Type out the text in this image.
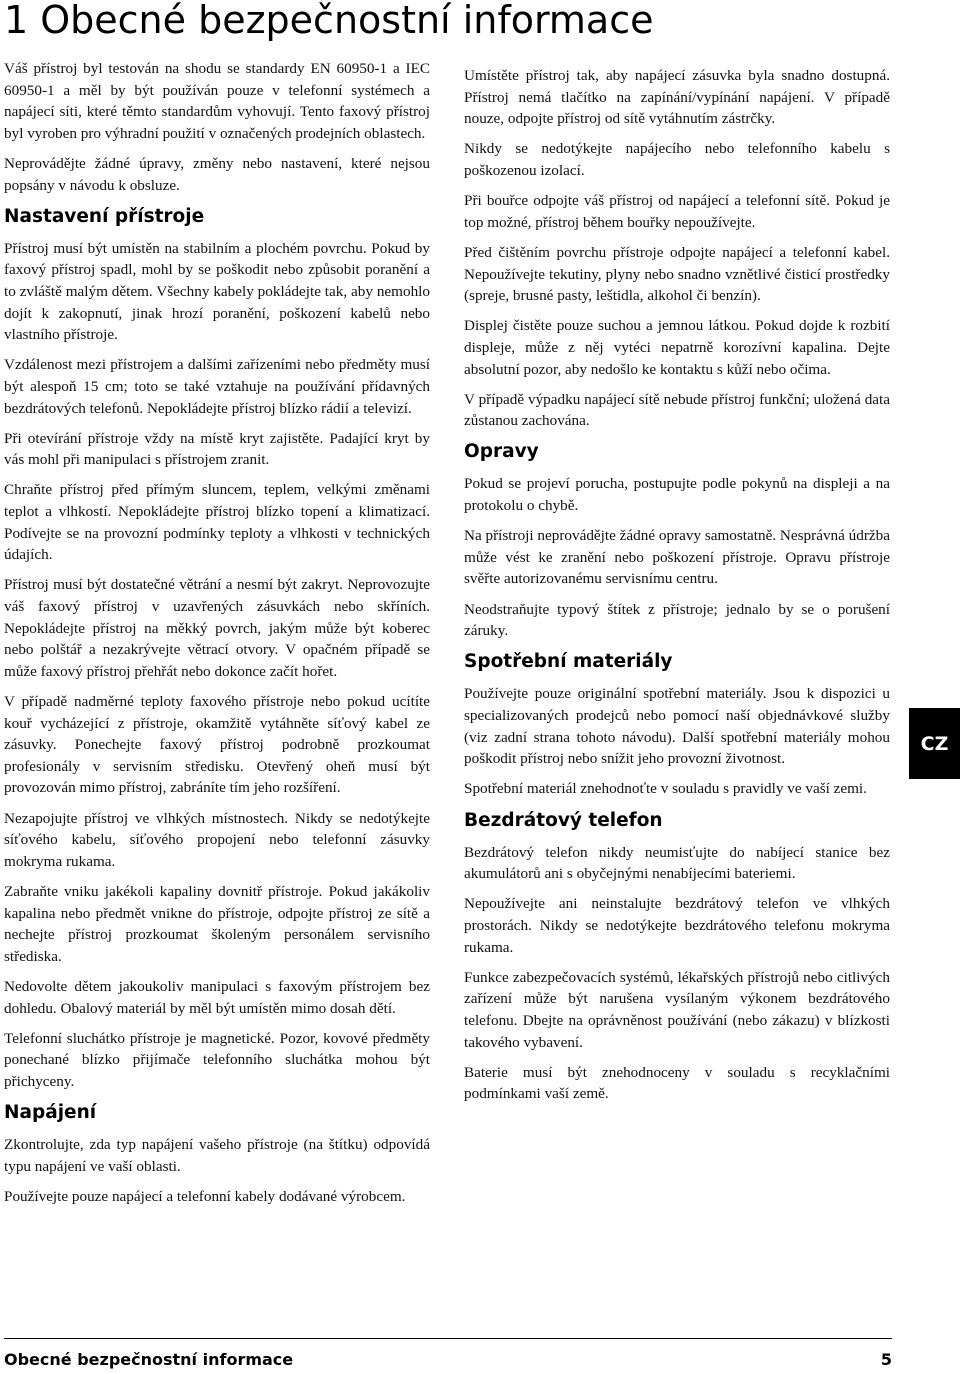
1 Obecné bezpečnostní informace

Váš přístroj byl testován na shodu se standardy EN 60950-1 a IEC 60950-1 a měl by být používán pouze v telefonní systémech a napájecí síti, které těmto standardům vyhovují. Tento faxový přístroj byl vyroben pro výhradní použití v označených prodejních oblastech.

Neprovádějte žádné úpravy, změny nebo nastavení, které nejsou popsány v návodu k obsluze.

Nastavení přístroje

Přístroj musí být umístěn na stabilním a plochém povrchu. Pokud by faxový přístroj spadl, mohl by se poškodit nebo způsobit poranění a to zvláště malým dětem. Všechny kabely pokládejte tak, aby nemohlo dojít k zakopnutí, jinak hrozí poranění, poškození kabelů nebo vlastního přístroje.

Vzdálenost mezi přístrojem a dalšími zařízeními nebo předměty musí být alespoň 15 cm; toto se také vztahuje na používání přídavných bezdrátových telefonů. Nepokládejte přístroj blízko rádií a televizí.

Při otevírání přístroje vždy na místě kryt zajistěte. Padající kryt by vás mohl při manipulaci s přístrojem zranit.

Chraňte přístroj před přímým sluncem, teplem, velkými změnami teplot a vlhkostí. Nepokládejte přístroj blízko topení a klimatizací. Podívejte se na provozní podmínky teploty a vlhkosti v technických údajích.

Přístroj musí být dostatečné větrání a nesmí být zakryt. Neprovozujte váš faxový přístroj v uzavřených zásuvkách nebo skříních. Nepokládejte přístroj na měkký povrch, jakým může být koberec nebo polštář a nezakrývejte větrací otvory. V opačném případě se může faxový přístroj přehřát nebo dokonce začít hořet.

V případě nadměrné teploty faxového přístroje nebo pokud ucítíte kouř vycházející z přístroje, okamžitě vytáhněte síťový kabel ze zásuvky. Ponechejte faxový přístroj podrobně prozkoumat profesionály v servisním středisku. Otevřený oheň musí být provozován mimo přístroj, zabráníte tím jeho rozšíření.

Nezapojujte přístroj ve vlhkých místnostech. Nikdy se nedotýkejte síťového kabelu, síťového propojení nebo telefonní zásuvky mokryma rukama.

Zabraňte vniku jakékoli kapaliny dovnitř přístroje. Pokud jakákoliv kapalina nebo předmět vnikne do přístroje, odpojte přístroj ze sítě a nechejte přístroj prozkoumat školeným personálem servisního střediska.

Nedovolte dětem jakoukoliv manipulaci s faxovým přístrojem bez dohledu. Obalový materiál by měl být umístěn mimo dosah dětí.

Telefonní sluchátko přístroje je magnetické. Pozor, kovové předměty ponechané blízko přijímače telefonního sluchátka mohou být přichyceny.

Napájení

Zkontrolujte, zda typ napájení vašeho přístroje (na štítku) odpovídá typu napájení ve vaší oblasti.

Používejte pouze napájecí a telefonní kabely dodávané výrobcem.

Umístěte přístroj tak, aby napájecí zásuvka byla snadno dostupná. Přístroj nemá tlačítko na zapínání/vypínání napájení. V případě nouze, odpojte přístroj od sítě vytáhnutím zástrčky.

Nikdy se nedotýkejte napájecího nebo telefonního kabelu s poškozenou izolací.

Při bouřce odpojte váš přístroj od napájecí a telefonní sítě. Pokud je top možné, přístroj během bouřky nepoužívejte.

Před čištěním povrchu přístroje odpojte napájecí a telefonní kabel. Nepoužívejte tekutiny, plyny nebo snadno vznětlivé čisticí prostředky (spreje, brusné pasty, leštidla, alkohol či benzín).

Displej čistěte pouze suchou a jemnou látkou. Pokud dojde k rozbití displeje, může z něj vytéci nepatrně korozívní kapalina. Dejte absolutní pozor, aby nedošlo ke kontaktu s kůží nebo očima.

V případě výpadku napájecí sítě nebude přístroj funkční; uložená data zůstanou zachována.

Opravy

Pokud se projeví porucha, postupujte podle pokynů na displeji a na protokolu o chybě.

Na přístroji neprovádějte žádné opravy samostatně. Nesprávná údržba může vést ke zranění nebo poškození přístroje. Opravu přístroje svěřte autorizovanému servisnímu centru.

Neodstraňujte typový štítek z přístroje; jednalo by se o porušení záruky.

Spotřební materiály

Používejte pouze originální spotřební materiály. Jsou k dispozici u specializovaných prodejců nebo pomocí naší objednávkové služby (viz zadní strana tohoto návodu). Další spotřební materiály mohou poškodit přístroj nebo snížit jeho provozní životnost.

Spotřební materiál znehodnoťte v souladu s pravidly ve vaší zemi.

Bezdrátový telefon

Bezdrátový telefon nikdy neumisťujte do nabíjecí stanice bez akumulátorů ani s obyčejnými nenabíjecími bateriemi.

Nepoužívejte ani neinstalujte bezdrátový telefon ve vlhkých prostorách. Nikdy se nedotýkejte bezdrátového telefonu mokryma rukama.

Funkce zabezpečovacích systémů, lékařských přístrojů nebo citlivých zařízení může být narušena vysílaným výkonem bezdrátového telefonu. Dbejte na oprávněnost používání (nebo zákazu) v blízkosti takového vybavení.

Baterie musí být znehodnoceny v souladu s recyklačními podmínkami vaší země.

CZ
Obecné bezpečnostní informace	5
